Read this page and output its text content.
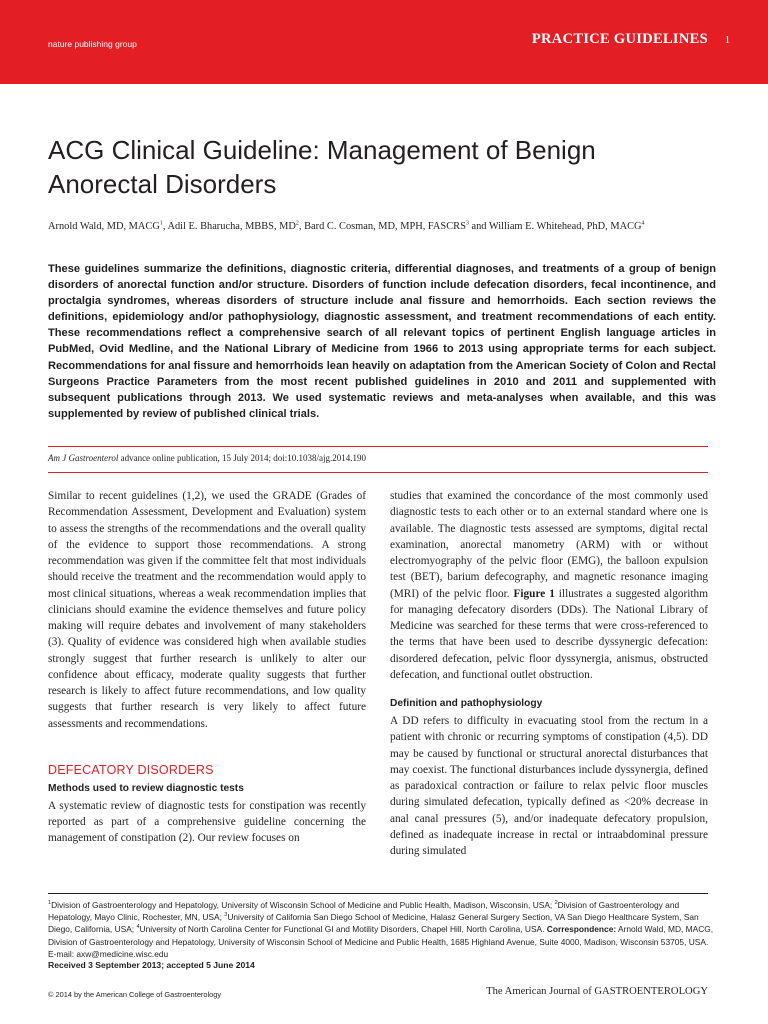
nature publishing group	PRACTICE GUIDELINES 1
ACG Clinical Guideline: Management of Benign Anorectal Disorders
Arnold Wald, MD, MACG$^1$, Adil E. Bharucha, MBBS, $MD^2$, Bard C. Cosman, MD, MPH, FASCRS$^3$ and William E. Whitehead, PhD, MACG$^4$

These guidelines summarize the definitions, diagnostic criteria, differential diagnoses, and treatments of a group of benign disorders of anorectal function and/or structure. Disorders of function include defecation disorders, fecal incontinence, and proctalgia syndromes, whereas disorders of structure include anal fissure and hemorrhoids. Each section reviews the definitions, epidemiology and/or pathophysiology, diagnostic assessment, and treatment recommendations of each entity. These recommendations reflect a comprehensive search of all relevant topics of pertinent English language articles in PubMed, Ovid Medline, and the National Library of Medicine from 1966 to 2013 using appropriate terms for each subject. Recommendations for anal fissure and hemorrhoids lean heavily on adaptation from the American Society of Colon and Rectal Surgeons Practice Parameters from the most recent published guidelines in 2010 and 2011 and supplemented with subsequent publications through 2013. We used systematic reviews and meta-analyses when available, and this was supplemented by review of published clinical trials.

Am J Gastroenterol advance online publication, 15 July 2014; doi:10.1038/ajg.2014.190

Similar to recent guidelines (1,2), we used the GRADE (Grades of Recommendation Assessment, Development and Evaluation) system to assess the strengths of the recommendations and the overall quality of the evidence to support those recommendations. A strong recommendation was given if the committee felt that most individuals should receive the treatment and the recommendation would apply to most clinical situations, whereas a weak recommendation implies that clinicians should examine the evidence themselves and future policy making will require debates and involvement of many stakeholders (3). Quality of evidence was considered high when available studies strongly suggest that further research is unlikely to alter our confidence about efficacy, moderate quality suggests that further research is likely to affect future recommendations, and low quality suggests that further research is very likely to affect future assessments and recommendations.

DEFECATORY DISORDERS
Methods used to review diagnostic tests

A systematic review of diagnostic tests for constipation was recently reported as part of a comprehensive guideline concerning the management of constipation (2). Our review focuses on

studies that examined the concordance of the most commonly used diagnostic tests to each other or to an external standard where one is available. The diagnostic tests assessed are symptoms, digital rectal examination, anorectal manometry (ARM) with or without electromyography of the pelvic floor (EMG), the balloon expulsion test (BET), barium defecography, and magnetic resonance imaging (MRI) of the pelvic floor. Figure 1 illustrates a suggested algorithm for managing defecatory disorders (DDs). The National Library of Medicine was searched for these terms that were cross-referenced to the terms that have been used to describe dyssynergic defecation: disordered defecation, pelvic floor dyssynergia, anismus, obstructed defecation, and functional outlet obstruction.

Definition and pathophysiology

A DD refers to difficulty in evacuating stool from the rectum in a patient with chronic or recurring symptoms of constipation (4,5). DD may be caused by functional or structural anorectal disturbances that may coexist. The functional disturbances include dyssynergia, defined as paradoxical contraction or failure to relax pelvic floor muscles during simulated defecation, typically defined as <20% decrease in anal canal pressures (5), and/or inadequate defecatory propulsion, defined as inadequate increase in rectal or intraabdominal pressure during simulated

$^1$Division of Gastroenterology and Hepatology, University of Wisconsin School of Medicine and Public Health, Madison, Wisconsin, USA; $^2$Division of Gastroenterology and Hepatology, Mayo Clinic, Rochester, MN, USA; $^3$University of California San Diego School of Medicine, Halasz General Surgery Section, VA San Diego Healthcare System, San Diego, California, USA; $^4$University of North Carolina Center for Functional GI and Motility Disorders, Chapel Hill, North Carolina, USA. Correspondence: Arnold Wald, MD, MACG, Division of Gastroenterology and Hepatology, University of Wisconsin School of Medicine and Public Health, 1685 Highland Avenue, Suite 4000, Madison, Wisconsin 53705, USA. E-mail: axw@medicine.wisc.edu

Received 3 September 2013; accepted 5 June 2014
© 2014 by the American College of Gastroenterology	The American Journal of GASTROENTEROLOGY
